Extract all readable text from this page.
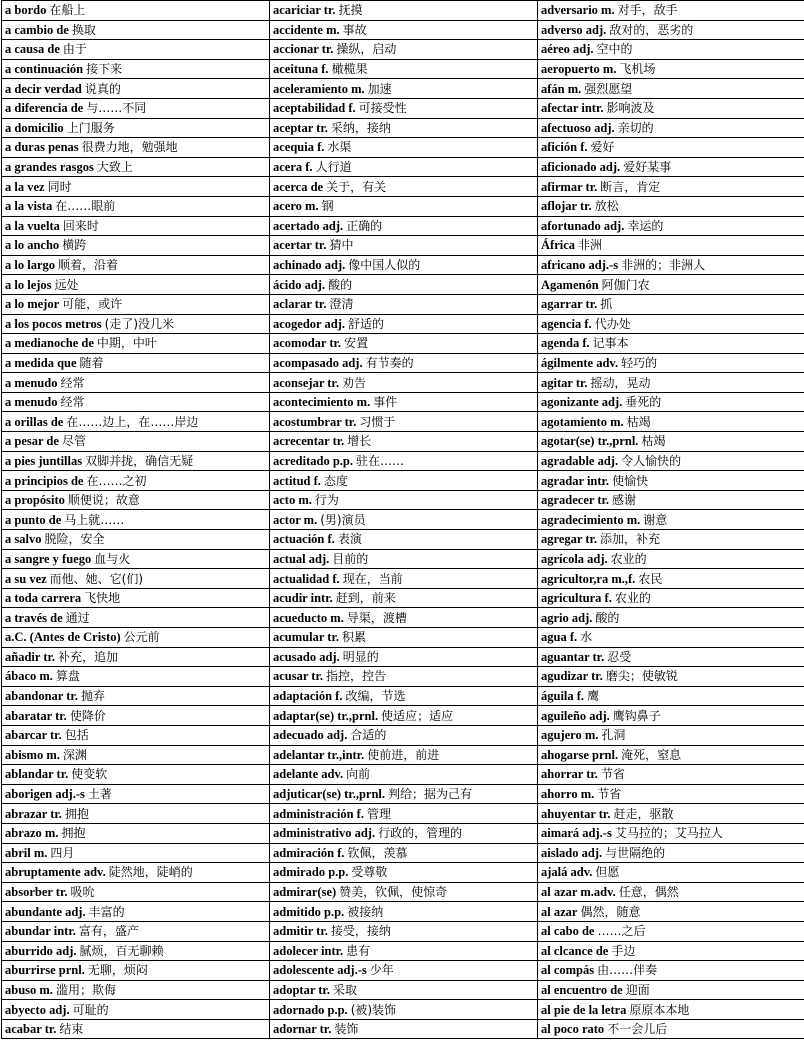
a bordo 在船上	acariciar tr. 抚摸	adversario m. 对手，敌手
a cambio de 换取	accidente m. 事故	adverso adj. 敌对的，恶劣的
a causa de 由于	accionar tr. 操纵，启动	aéreo adj. 空中的
a continuación 接下来	aceituna f. 橄榄果	aeropuerto m. 飞机场
a decir verdad 说真的	aceleramiento m. 加速	afán m. 强烈愿望
a diferencia de 与……不同	aceptabilidad f. 可接受性	afectar intr. 影响波及
a domicilio 上门服务	aceptar tr. 采纳，接纳	afectuoso adj. 亲切的
a duras penas 很费力地，勉强地	acequia f. 水渠	afición f. 爱好
a grandes rasgos 大致上	acera f. 人行道	aficionado adj. 爱好某事
a la vez 同时	acerca de 关于，有关	afirmar tr. 断言，肯定
a la vista 在……眼前	acero m. 钢	aflojar tr. 放松
a la vuelta 回来时	acertado adj. 正确的	afortunado adj. 幸运的
a lo ancho 横跨	acertar tr. 猜中	África 非洲
a lo largo 顺着，沿着	achinado adj. 像中国人似的	africano adj.-s 非洲的；非洲人
a lo lejos 远处	ácido adj. 酸的	Agamenón 阿伽门农
a lo mejor 可能，或许	aclarar tr. 澄清	agarrar tr. 抓
a los pocos metros (走了)没几米	acogedor adj. 舒适的	agencia f. 代办处
a medianoche de 中期，中叶	acomodar tr. 安置	agenda f. 记事本
a medida que 随着	acompasado adj. 有节奏的	ágilmente adv. 轻巧的
a menudo 经常	aconsejar tr. 劝告	agitar tr. 摇动，晃动
a menudo 经常	acontecimiento m. 事件	agonizante adj. 垂死的
a orillas de 在……边上，在……岸边	acostumbrar tr. 习惯于	agotamiento m. 枯竭
a pesar de 尽管	acrecentar tr. 增长	agotar(se) tr.,prnl. 枯竭
a pies juntillas 双脚并拢，确信无疑	acreditado p.p. 驻在……	agradable adj. 令人愉快的
a principios de 在……之初	actitud f. 态度	agradar intr. 使愉快
a propósito 顺便说；故意	acto m. 行为	agradecer tr. 感谢
a punto de 马上就……	actor m. (男)演员	agradecimiento m. 谢意
a salvo 脱险，安全	actuación f. 表演	agregar tr. 添加，补充
a sangre y fuego 血与火	actual adj. 目前的	agrícola adj. 农业的
a su vez 而他、她、它(们)	actualidad f. 现在，当前	agricultor,ra m.,f. 农民
a toda carrera 飞快地	acudir intr. 赶到，前来	agricultura f. 农业的
a través de 通过	acueducto m. 导渠，渡槽	agrio adj. 酸的
a.C. (Antes de Cristo) 公元前	acumular tr. 积累	agua f. 水
añadir tr. 补充，追加	acusado adj. 明显的	aguantar tr. 忍受
ábaco m. 算盘	acusar tr. 指控，控告	agudizar tr. 磨尖；使敏锐
abandonar tr. 抛弃	adaptación f. 改编，节选	águila f. 鹰
abaratar tr. 使降价	adaptar(se) tr.,prnl. 使适应；适应	aguileño adj. 鹰钩鼻子
abarcar tr. 包括	adecuado adj. 合适的	agujero m. 孔洞
abismo m. 深渊	adelantar tr.,intr. 使前进，前进	ahogarse prnl. 淹死，窒息
ablandar tr. 使变软	adelante adv. 向前	ahorrar tr. 节省
aborigen adj.-s 土著	adjuticar(se) tr.,prnl. 判给；据为己有	ahorro m. 节省
abrazar tr. 拥抱	administración f. 管理	ahuyentar tr. 赶走，驱散
abrazo m. 拥抱	administrativo adj. 行政的，管理的	aimará adj.-s 艾马拉的；艾马拉人
abril m. 四月	admiración f. 钦佩，羡慕	aislado adj. 与世隔绝的
abruptamente adv. 陡然地，陡峭的	admirado p.p. 受尊敬	ajalá adv. 但愿
absorber tr. 吸吮	admirar(se) 赞美，钦佩，使惊奇	al azar m.adv. 任意，偶然
abundante adj. 丰富的	admitido p.p. 被接纳	al azar 偶然，随意
abundar intr. 富有，盛产	admitir tr. 接受，接纳	al cabo de ……之后
aburrido adj. 腻烦，百无聊赖	adolecer intr. 患有	al clcance de 手边
aburrirse prnl. 无聊，烦闷	adolescente adj.-s 少年	al compás 由……伴奏
abuso m. 滥用；欺侮	adoptar tr. 采取	al encuentro de 迎面
abyecto adj. 可耻的	adornado p.p. (被)装饰	al pie de la letra 原原本本地
acabar tr. 结束	adornar tr. 装饰	al poco rato 不一会儿后
